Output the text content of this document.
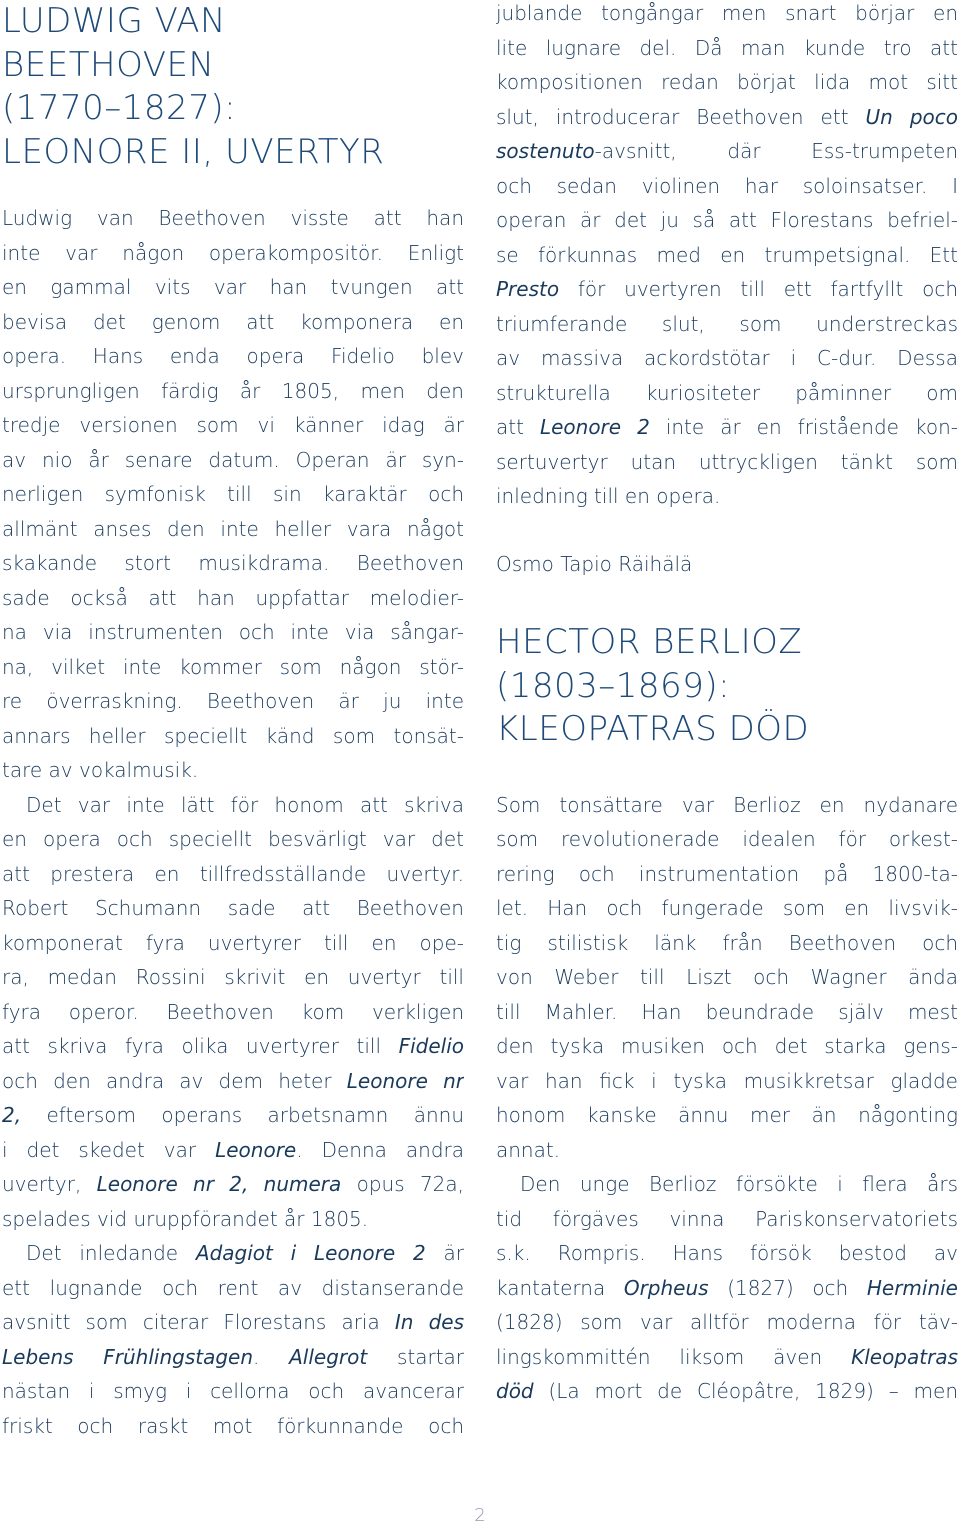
LUDWIG VAN
BEETHOVEN
(1770–1827):
LEONORE II, UVERTYR
Ludwig van Beethoven visste att han
inte var någon operakompositör. Enligt
en gammal vits var han tvungen att
bevisa det genom att komponera en
opera. Hans enda opera Fidelio blev
ursprungligen färdig år 1805, men den
tredje versionen som vi känner idag är
av nio år senare datum. Operan är syn-
nerligen symfonisk till sin karaktär och
allmänt anses den inte heller vara något
skakande stort musikdrama. Beethoven
sade också att han uppfattar melodier-
na via instrumenten och inte via sångar-
na, vilket inte kommer som någon stör-
re överraskning. Beethoven är ju inte
annars heller speciellt känd som tonsät-
tare av vokalmusik.
Det var inte lätt för honom att skriva
en opera och speciellt besvärligt var det
att prestera en tillfredsställande uvertyr.
Robert Schumann sade att Beethoven
komponerat fyra uvertyrer till en ope-
ra, medan Rossini skrivit en uvertyr till
fyra operor. Beethoven kom verkligen
att skriva fyra olika uvertyrer till Fidelio
och den andra av dem heter Leonore nr
2, eftersom operans arbetsnamn ännu
i det skedet var Leonore. Denna andra
uvertyr, Leonore nr 2, numera opus 72a,
spelades vid uruppförandet år 1805.
Det inledande Adagiot i Leonore 2 är
ett lugnande och rent av distanserande
avsnitt som citerar Florestans aria In des
Lebens Frühlingstagen. Allegrot startar
nästan i smyg i cellorna och avancerar
friskt och raskt mot förkunnande och
jublande tongångar men snart börjar en
lite lugnare del. Då man kunde tro att
kompositionen redan börjat lida mot sitt
slut, introducerar Beethoven ett Un poco
sostenuto-avsnitt, där Ess-trumpeten
och sedan violinen har soloinsatser. I
operan är det ju så att Florestans befriel-
se förkunnas med en trumpetsignal. Ett
Presto för uvertyren till ett fartfyllt och
triumferande slut, som understreckas
av massiva ackordstötar i C-dur. Dessa
strukturella kuriositeter påminner om
att Leonore 2 inte är en fristående kon-
sertuvertyr utan uttryckligen tänkt som
inledning till en opera.
Osmo Tapio Räihälä
HECTOR BERLIOZ
(1803–1869):
KLEOPATRAS DÖD
Som tonsättare var Berlioz en nydanare
som revolutionerade idealen för orkest-
rering och instrumentation på 1800-ta-
let. Han och fungerade som en livsvik-
tig stilistisk länk från Beethoven och
von Weber till Liszt och Wagner ända
till Mahler. Han beundrade själv mest
den tyska musiken och det starka gens-
var han fick i tyska musikkretsar gladde
honom kanske ännu mer än någonting
annat.
Den unge Berlioz försökte i flera års
tid förgäves vinna Pariskonservatoriets
s.k. Rompris. Hans försök bestod av
kantaterna Orpheus (1827) och Herminie
(1828) som var alltför moderna för täv-
lingskommittén liksom även Kleopatras
död (La mort de Cléopâtre, 1829) – men
2
